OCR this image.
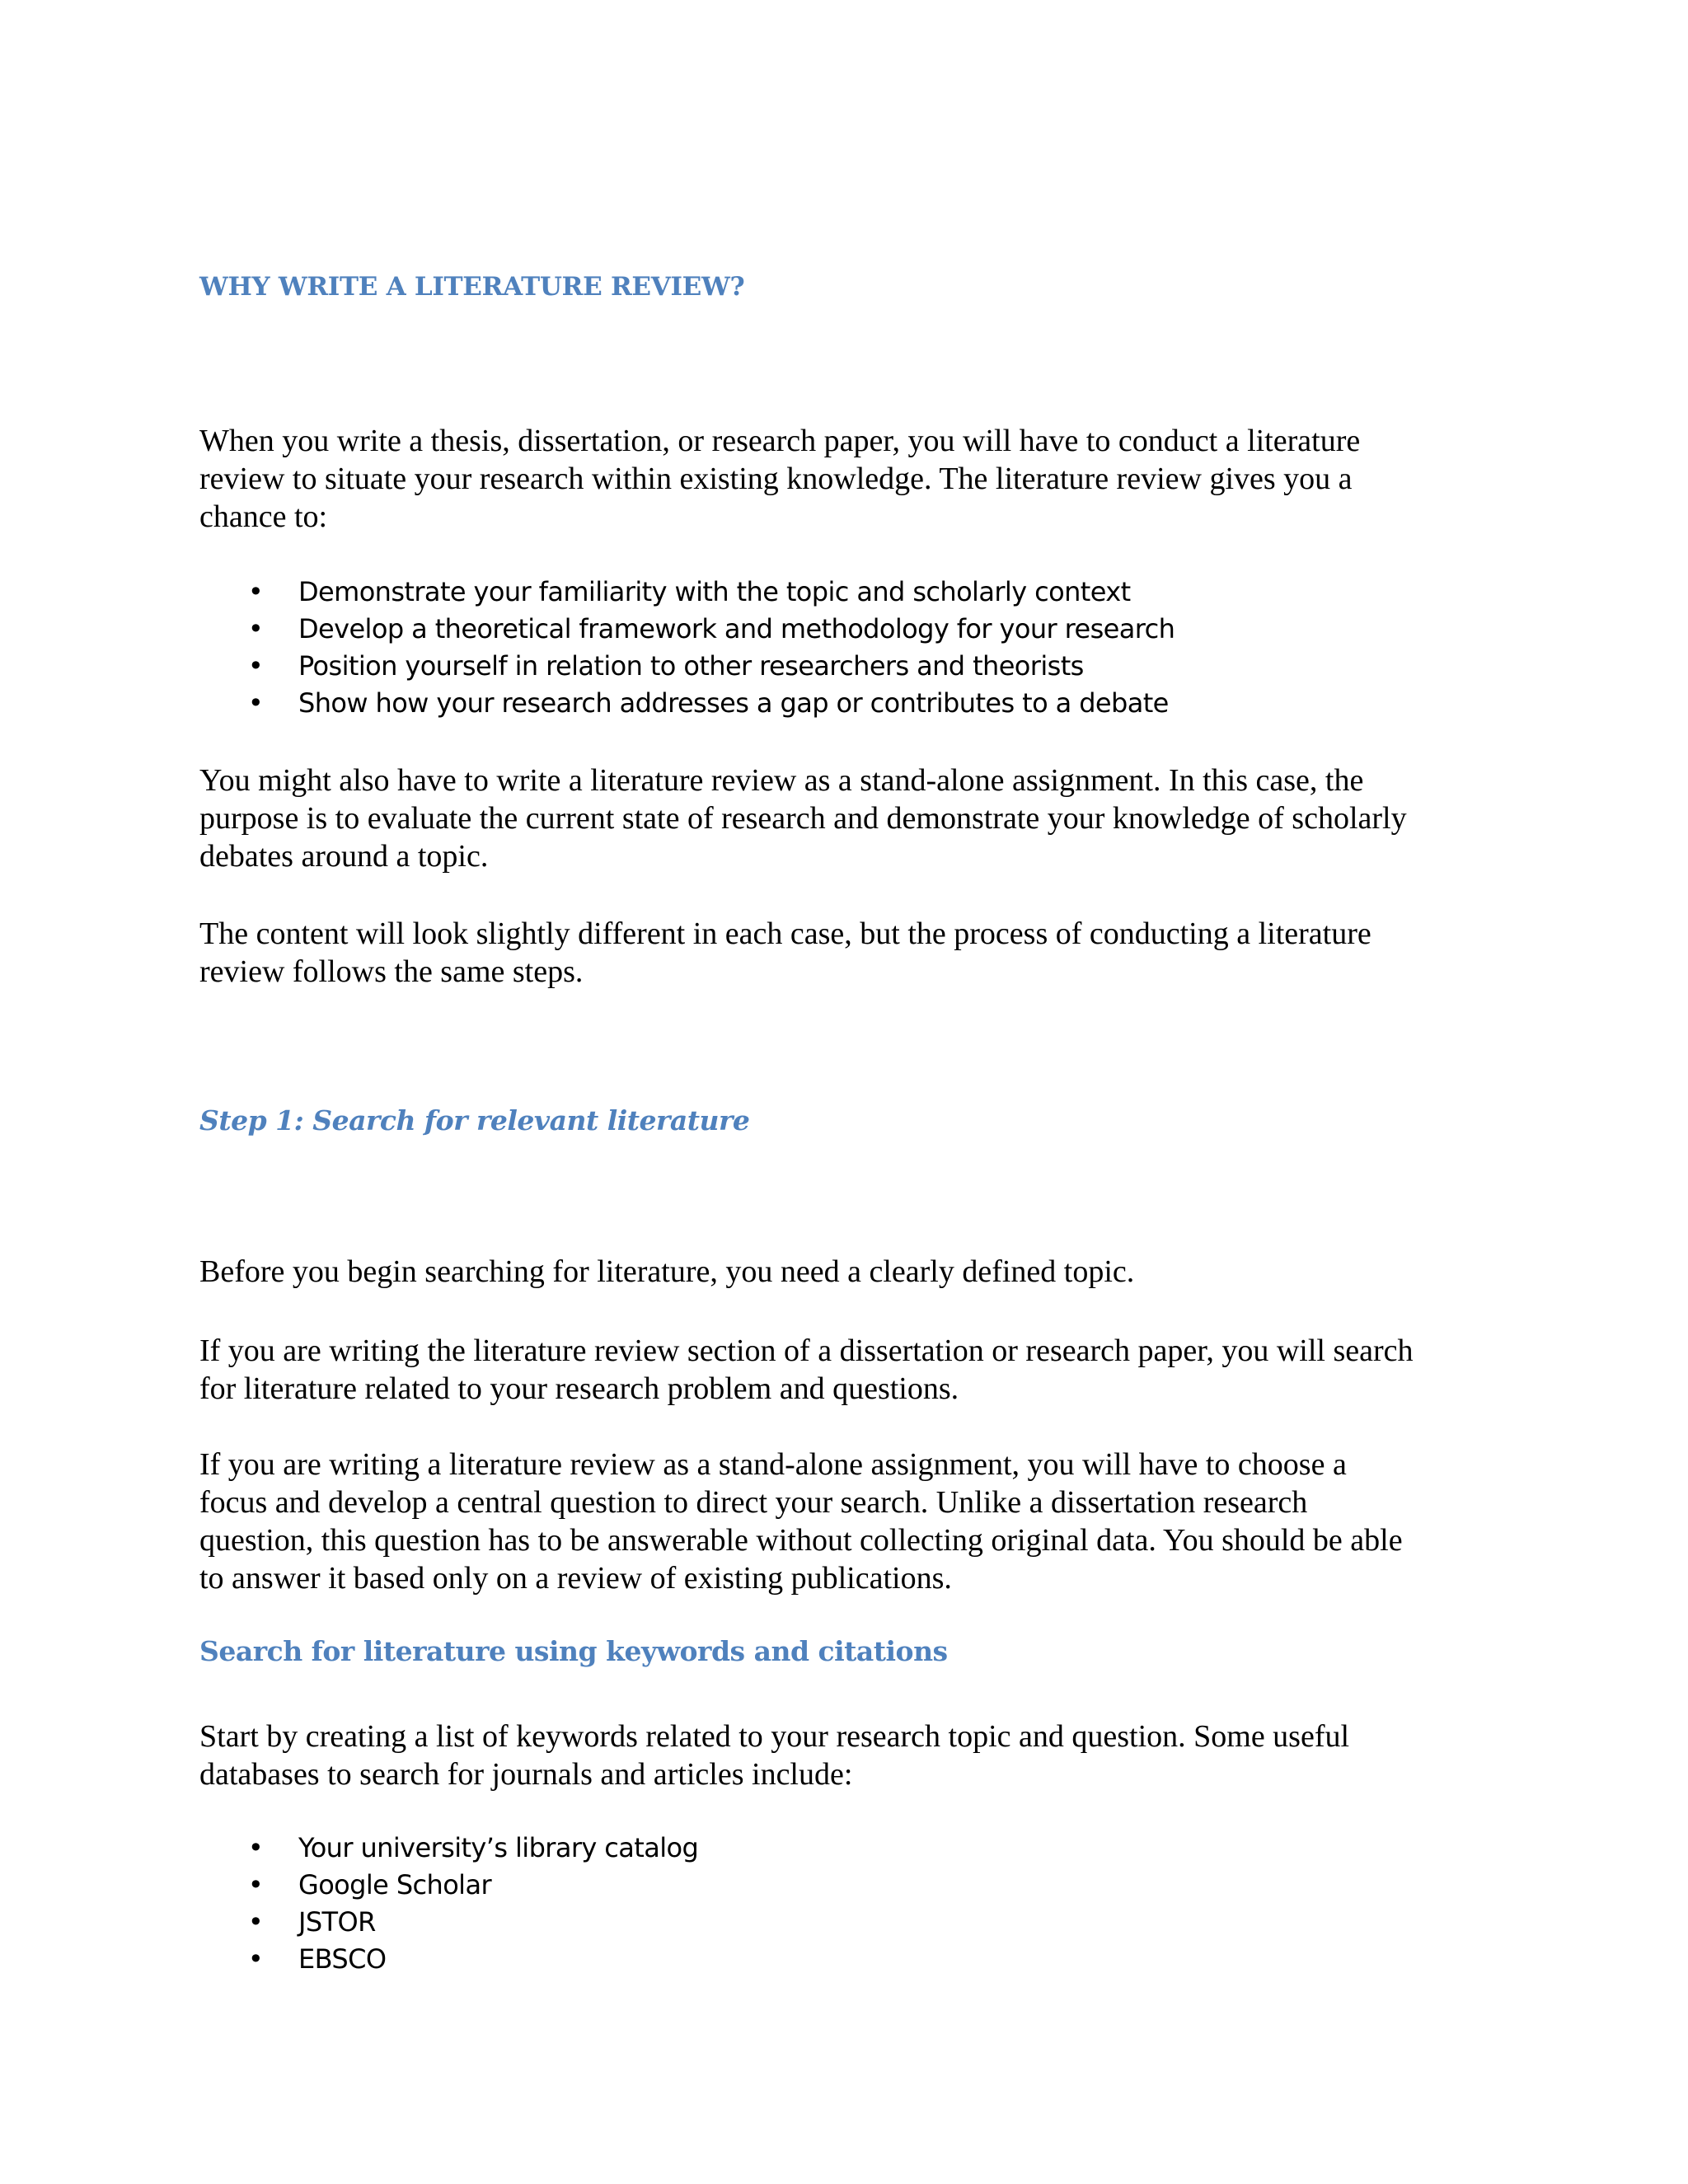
WHY WRITE A LITERATURE REVIEW?
When you write a thesis, dissertation, or research paper, you will have to conduct a literature
review to situate your research within existing knowledge. The literature review gives you a
chance to:
• Demonstrate your familiarity with the topic and scholarly context
• Develop a theoretical framework and methodology for your research
• Position yourself in relation to other researchers and theorists
• Show how your research addresses a gap or contributes to a debate
You might also have to write a literature review as a stand-alone assignment. In this case, the
purpose is to evaluate the current state of research and demonstrate your knowledge of scholarly
debates around a topic.
The content will look slightly different in each case, but the process of conducting a literature
review follows the same steps.
Step 1: Search for relevant literature
Before you begin searching for literature, you need a clearly defined topic.
If you are writing the literature review section of a dissertation or research paper, you will search
for literature related to your research problem and questions.
If you are writing a literature review as a stand-alone assignment, you will have to choose a
focus and develop a central question to direct your search. Unlike a dissertation research
question, this question has to be answerable without collecting original data. You should be able
to answer it based only on a review of existing publications.
Search for literature using keywords and citations
Start by creating a list of keywords related to your research topic and question. Some useful
databases to search for journals and articles include:
• Your university’s library catalog
• Google Scholar
• JSTOR
• EBSCO
